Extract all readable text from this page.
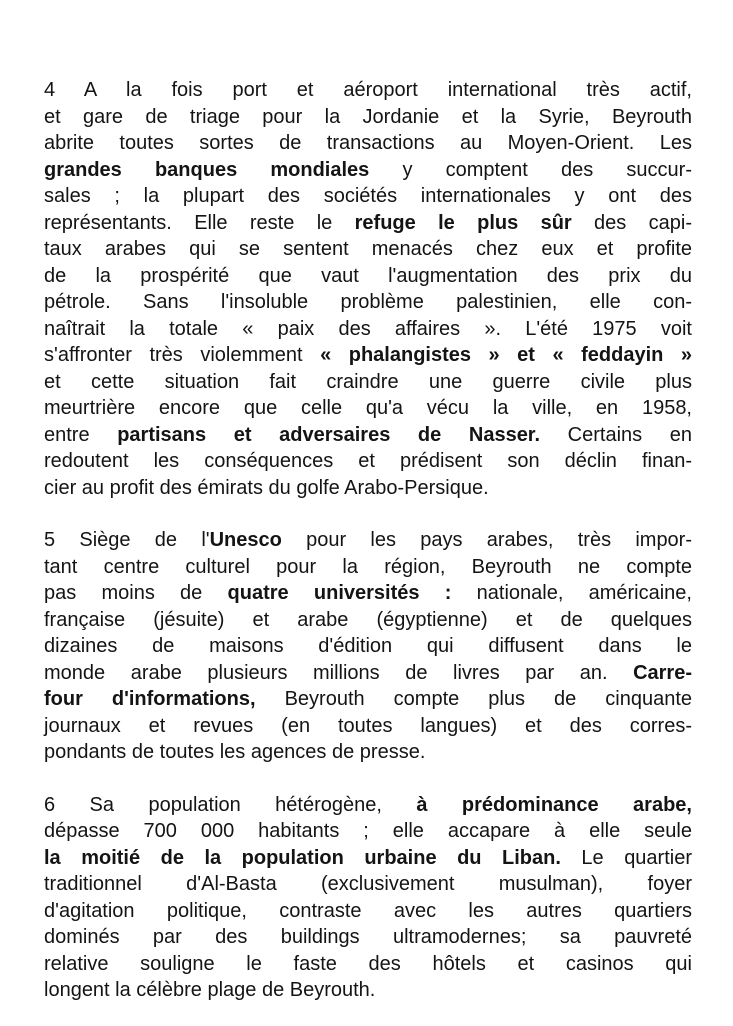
4 A la fois port et aéroport international très actif,
et gare de triage pour la Jordanie et la Syrie, Beyrouth
abrite toutes sortes de transactions au Moyen-Orient. Les
grandes banques mondiales y comptent des succur-
sales ; la plupart des sociétés internationales y ont des
représentants. Elle reste le refuge le plus sûr des capi-
taux arabes qui se sentent menacés chez eux et profite
de la prospérité que vaut l'augmentation des prix du
pétrole. Sans l'insoluble problème palestinien, elle con-
naîtrait la totale « paix des affaires ». L'été 1975 voit
s'affronter très violemment « phalangistes » et « feddayin »
et cette situation fait craindre une guerre civile plus
meurtrière encore que celle qu'a vécu la ville, en 1958,
entre partisans et adversaires de Nasser. Certains en
redoutent les conséquences et prédisent son déclin finan-
cier au profit des émirats du golfe Arabo-Persique.
5 Siège de l'Unesco pour les pays arabes, très impor-
tant centre culturel pour la région, Beyrouth ne compte
pas moins de quatre universités : nationale, américaine,
française (jésuite) et arabe (égyptienne) et de quelques
dizaines de maisons d'édition qui diffusent dans le
monde arabe plusieurs millions de livres par an. Carre-
four d'informations, Beyrouth compte plus de cinquante
journaux et revues (en toutes langues) et des corres-
pondants de toutes les agences de presse.
6 Sa population hétérogène, à prédominance arabe,
dépasse 700 000 habitants ; elle accapare à elle seule
la moitié de la population urbaine du Liban. Le quartier
traditionnel d'Al-Basta (exclusivement musulman), foyer
d'agitation politique, contraste avec les autres quartiers
dominés par des buildings ultramodernes; sa pauvreté
relative souligne le faste des hôtels et casinos qui
longent la célèbre plage de Beyrouth.
